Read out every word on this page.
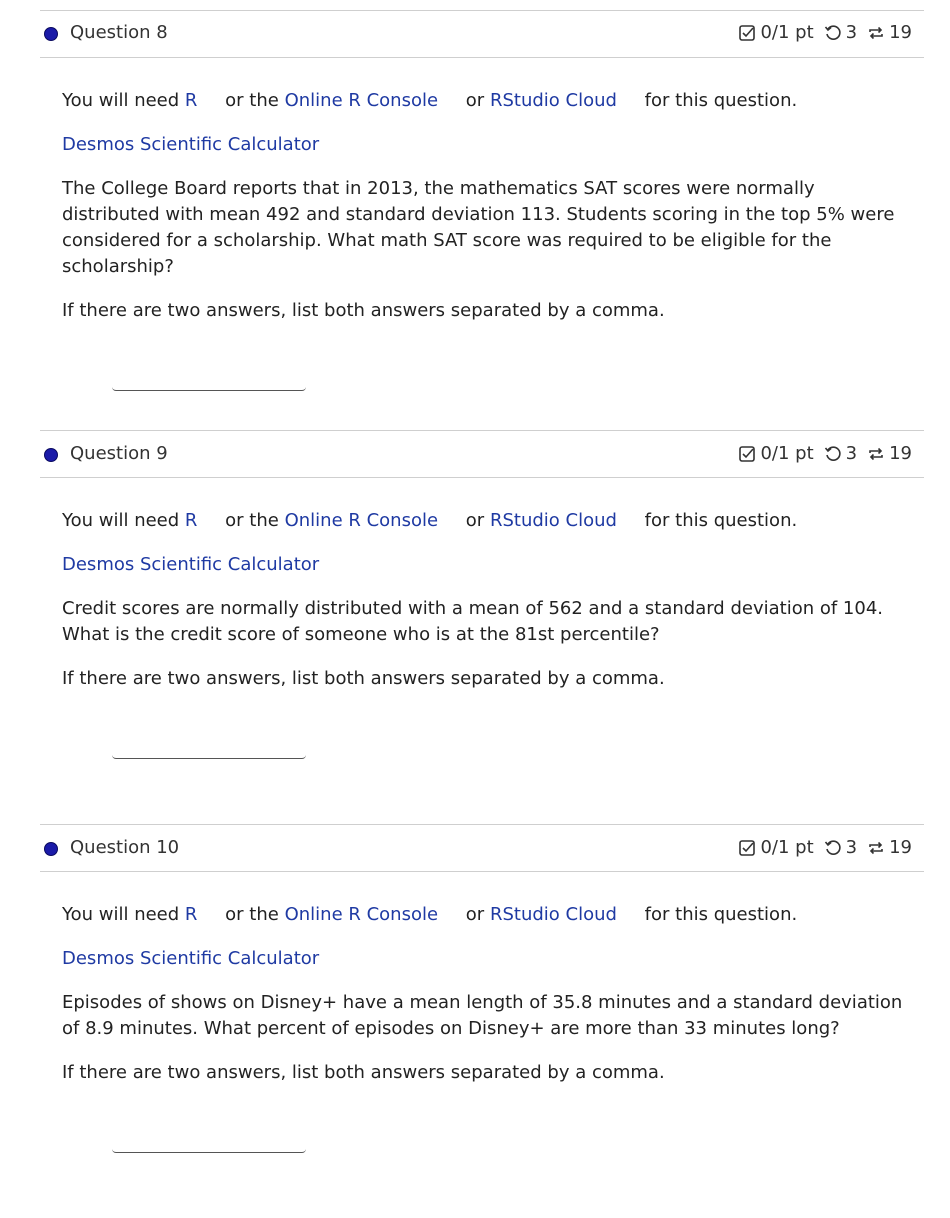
Question 8	0/1 pt 3 19
You will need R or the Online R Console or RStudio Cloud for this question.
Desmos Scientific Calculator
The College Board reports that in 2013, the mathematics SAT scores were normally distributed with mean 492 and standard deviation 113. Students scoring in the top 5% were considered for a scholarship. What math SAT score was required to be eligible for the scholarship?
If there are two answers, list both answers separated by a comma.
Question 9	0/1 pt 3 19
You will need R or the Online R Console or RStudio Cloud for this question.
Desmos Scientific Calculator
Credit scores are normally distributed with a mean of 562 and a standard deviation of 104. What is the credit score of someone who is at the 81st percentile?
If there are two answers, list both answers separated by a comma.
Question 10	0/1 pt 3 19
You will need R or the Online R Console or RStudio Cloud for this question.
Desmos Scientific Calculator
Episodes of shows on Disney+ have a mean length of 35.8 minutes and a standard deviation of 8.9 minutes. What percent of episodes on Disney+ are more than 33 minutes long?
If there are two answers, list both answers separated by a comma.
